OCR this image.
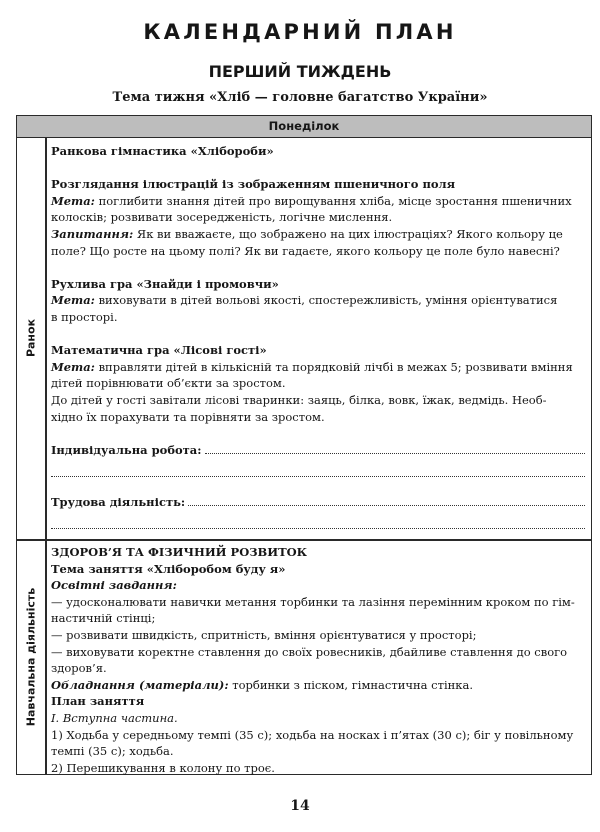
КАЛЕНДАРНИЙ ПЛАН
ПЕРШИЙ ТИЖДЕНЬ

Тема тижня «Хліб — головне багатство України»

Понеділок
Ранок
Навчальна діяльність

Ранкова гімнастика «Хлібороби»

Розглядання ілюстрацій із зображенням пшеничного поля

Мета: поглибити знання дітей про вирощування хліба, місце зростання пшеничних

колосків; розвивати зосередженість, логічне мислення.

Запитання: Як ви вважаєте, що зображено на цих ілюстраціях? Якого кольору це

поле? Що росте на цьому полі? Як ви гадаєте, якого кольору це поле було навесні?

Рухлива гра «Знайди і промовчи»

Мета: виховувати в дітей вольові якості, спостережливість, уміння орієнтуватися

в просторі.

Математична гра «Лісові гості»

Мета: вправляти дітей в кількісній та порядковій лічбі в межах 5; розвивати вміння

дітей порівнювати об’єкти за зростом.

До дітей у гості завітали лісові тваринки: заяць, білка, вовк, їжак, ведмідь. Необ-

хідно їх порахувати та порівняти за зростом.

Індивідуальна робота:

Трудова діяльність:

ЗДОРОВ’Я ТА ФІЗИЧНИЙ РОЗВИТОК

Тема заняття «Хліборобом буду я»

Освітні завдання:

— удосконалювати навички метання торбинки та лазіння перемінним кроком по гім-

настичній стінці;

— розвивати швидкість, спритність, вміння орієнтуватися у просторі;

— виховувати коректне ставлення до своїх ровесників, дбайливе ставлення до свого

здоров’я.

Обладнання (матеріали): торбинки з піском, гімнастична стінка.

План заняття

І. Вступна частина.

1) Ходьба у середньому темпі (35 с); ходьба на носках і п’ятах (30 с); біг у повільному

темпі (35 с); ходьба.

2) Перешикування в колону по троє.

14
